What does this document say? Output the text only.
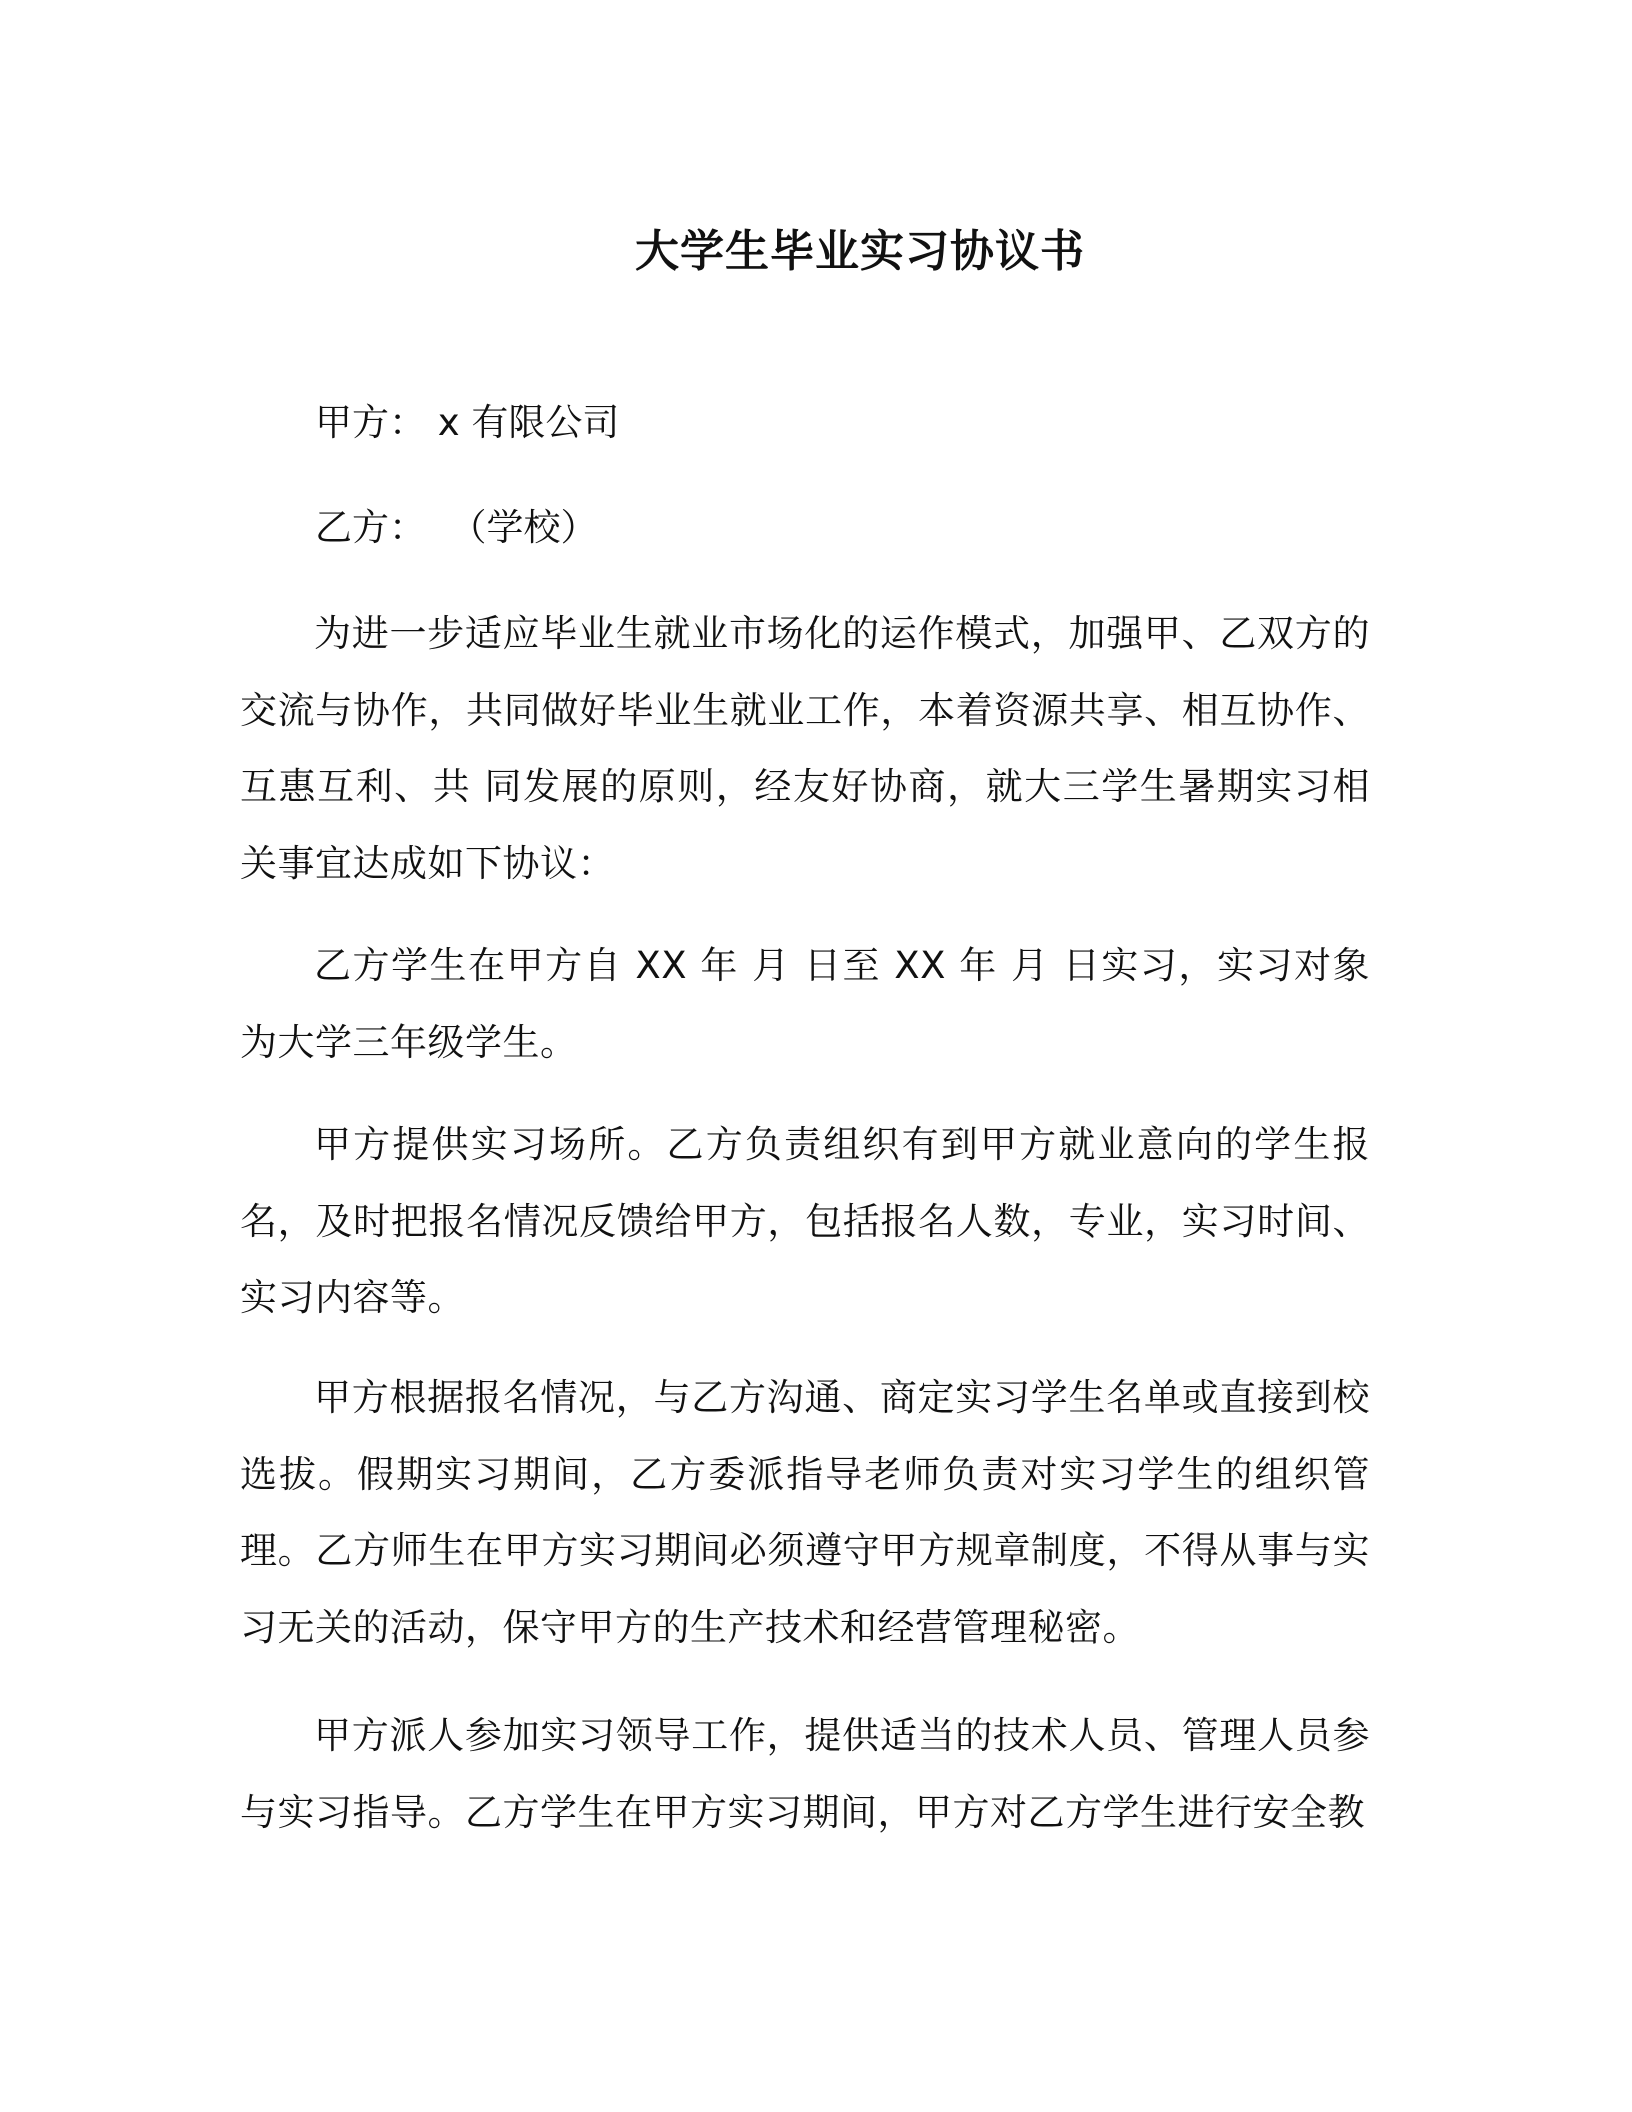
大学生毕业实习协议书

甲方： x 有限公司

乙方：  （学校）

为进一步适应毕业生就业市场化的运作模式，加强甲、乙双方的交流与协作，共同做好毕业生就业工作，本着资源共享、相互协作、互惠互利、共 同发展的原则，经友好协商，就大三学生暑期实习相关事宜达成如下协议：

乙方学生在甲方自 XX 年 月 日至 XX 年 月 日实习，实习对象为大学三年级学生。

甲方提供实习场所。乙方负责组织有到甲方就业意向的学生报名，及时把报名情况反馈给甲方，包括报名人数，专业，实习时间、实习内容等。

甲方根据报名情况，与乙方沟通、商定实习学生名单或直接到校选拔。假期实习期间，乙方委派指导老师负责对实习学生的组织管理。乙方师生在甲方实习期间必须遵守甲方规章制度，不得从事与实习无关的活动，保守甲方的生产技术和经营管理秘密。

甲方派人参加实习领导工作，提供适当的技术人员、管理人员参与实习指导。乙方学生在甲方实习期间，甲方对乙方学生进行安全教
